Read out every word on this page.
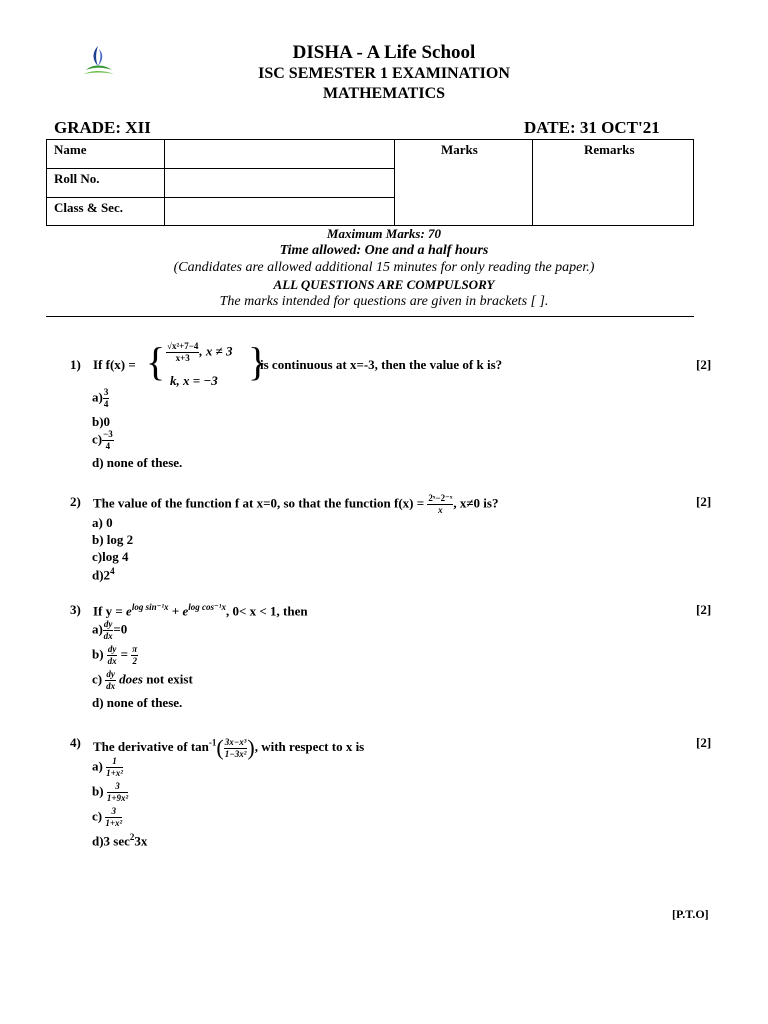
DISHA - A Life School
ISC SEMESTER 1 EXAMINATION
MATHEMATICS
GRADE: XII	DATE: 31 OCT'21
Name
Roll No.
Class & Sec.
Marks	Remarks
Maximum Marks: 70
Time allowed: One and a half hours
(Candidates are allowed additional 15 minutes for only reading the paper.)
ALL QUESTIONS ARE COMPULSORY
The marks intended for questions are given in brackets [ ].
1) If f(x) = { $\frac{\text{√x²+7−4}}{x+3}$ , x ≠ 3
k, x = −3 }
is continuous at x=-3, then the value of k is?	[2]
$a) \frac{3}{4}$
b)0
$c) \frac{-3}{4}$
d) none of these.
2) The value of the function f at x=0, so that the function $f(x) = \frac{\text{2ˣ−2⁻ˣ}}{x}$ , x≠0 is?	[2]
a) 0
b) log 2
c)log 4
$d)2^4$
3) If $y = e^{log sin^{-1}x} + e^{log cos^{-1}x}$, 0< x < 1, then	[2]
$a) \frac{dy}{dx} =0$
$b) \frac{dy}{dx} = \frac{\pi}{2}$
$c) \frac{dy}{dx}$ does not exist
d) none of these.
4) The derivative of $\tan^{-1}( \frac{\text{3x−x³}}{\text{1−3x²}}$ ), with respect to x is	[2]
$a) \frac{1}{\text{1+x²}}$
$b) \frac{3}{\text{1+9x²}}$
$c) \frac{3}{\text{1+x²}}$
d)3 $\sec^23x$
[P.T.O]
